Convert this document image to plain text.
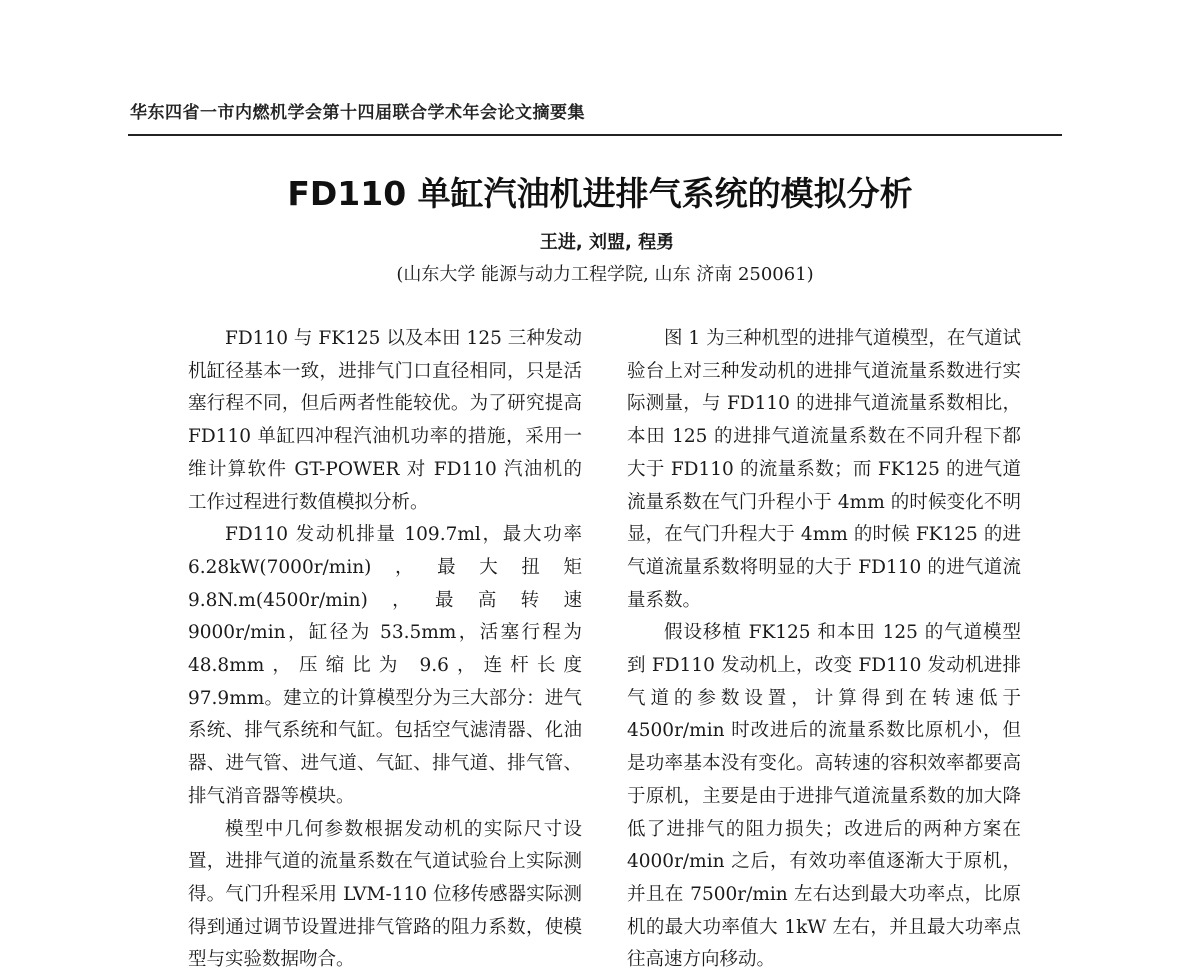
华东四省一市内燃机学会第十四届联合学术年会论文摘要集
FD110 单缸汽油机进排气系统的模拟分析
王进, 刘盟, 程勇
(山东大学 能源与动力工程学院, 山东 济南 250061)

FD110 与 FK125 以及本田 125 三种发动机缸径基本一致，进排气门口直径相同，只是活塞行程不同，但后两者性能较优。为了研究提高 FD110 单缸四冲程汽油机功率的措施，采用一维计算软件 GT-POWER 对 FD110 汽油机的工作过程进行数值模拟分析。

FD110 发动机排量 109.7ml，最大功率 6.28kW(7000r/min)，最大扭矩 9.8N.m(4500r/min)，最高转速 9000r/min，缸径为 53.5mm，活塞行程为 48.8mm，压缩比为 9.6，连杆长度 97.9mm。建立的计算模型分为三大部分：进气系统、排气系统和气缸。包括空气滤清器、化油器、进气管、进气道、气缸、排气道、排气管、排气消音器等模块。

模型中几何参数根据发动机的实际尺寸设置，进排气道的流量系数在气道试验台上实际测得。气门升程采用 LVM-110 位移传感器实际测得到通过调节设置进排气管路的阻力系数，使模型与实验数据吻合。

图 1 为三种机型的进排气道模型，在气道试验台上对三种发动机的进排气道流量系数进行实际测量，与 FD110 的进排气道流量系数相比，本田 125 的进排气道流量系数在不同升程下都大于 FD110 的流量系数；而 FK125 的进气道流量系数在气门升程小于 4mm 的时候变化不明显，在气门升程大于 4mm 的时候 FK125 的进气道流量系数将明显的大于 FD110 的进气道流量系数。

假设移植 FK125 和本田 125 的气道模型到 FD110 发动机上，改变 FD110 发动机进排气道的参数设置，计算得到在转速低于 4500r/min 时改进后的流量系数比原机小，但是功率基本没有变化。高转速的容积效率都要高于原机，主要是由于进排气道流量系数的加大降低了进排气的阻力损失；改进后的两种方案在 4000r/min 之后，有效功率值逐渐大于原机，并且在 7500r/min 左右达到最大功率点，比原机的最大功率值大 1kW 左右，并且最大功率点往高速方向移动。
